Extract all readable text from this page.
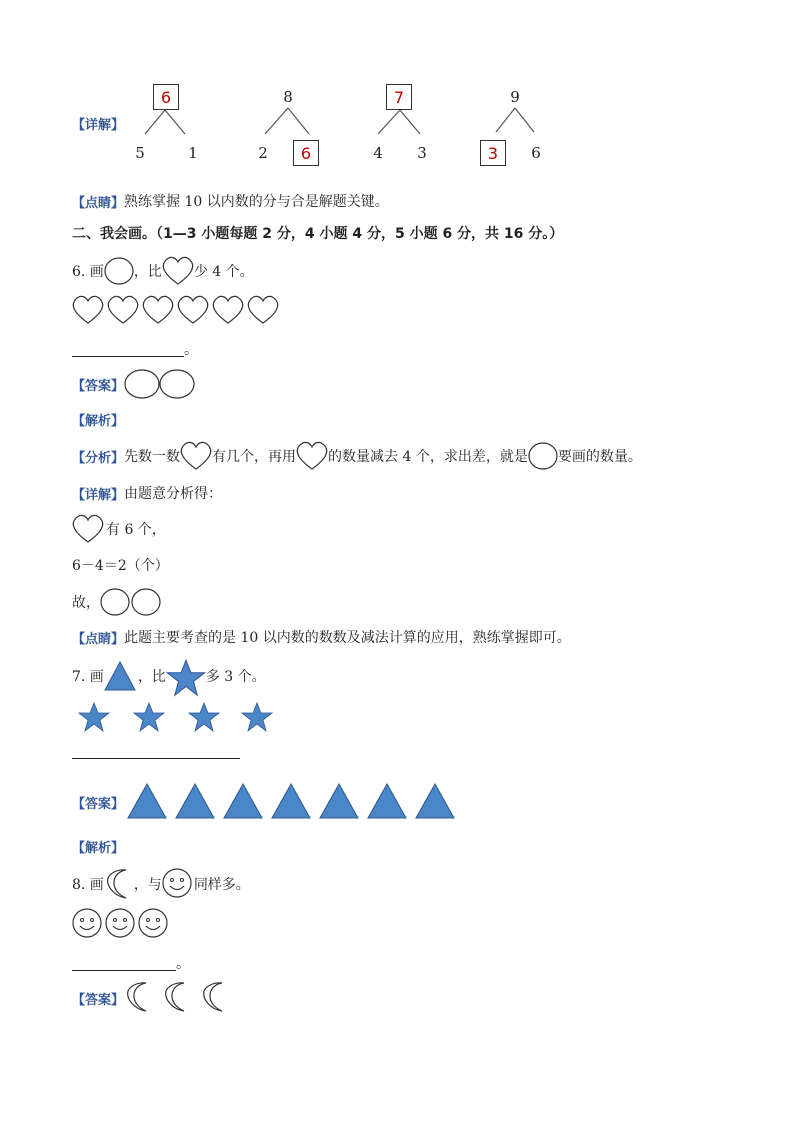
【详解】
6
5	1
8
2	6
7
4	3
9
3	6
【点睛】 熟练掌握 10 以内数的分与合是解题关键。
二、我会画。（1—3 小题每题 2 分，4 小题 4 分，5 小题 6 分，共 16 分。）
6. 画 ，比 少 4 个。
。
【答案】
【解析】
【分析】 先数一数 有几个，再用 的数量减去 4 个，求出差，就是 要画的数量。
【详解】 由题意分析得：
有 6 个，
6－4＝2（个）
故，
【点睛】 此题主要考查的是 10 以内数的数数及减法计算的应用，熟练掌握即可。
7. 画 ，比	多 3 个。
【答案】
【解析】
8. 画 ，与 同样多。
。
【答案】
